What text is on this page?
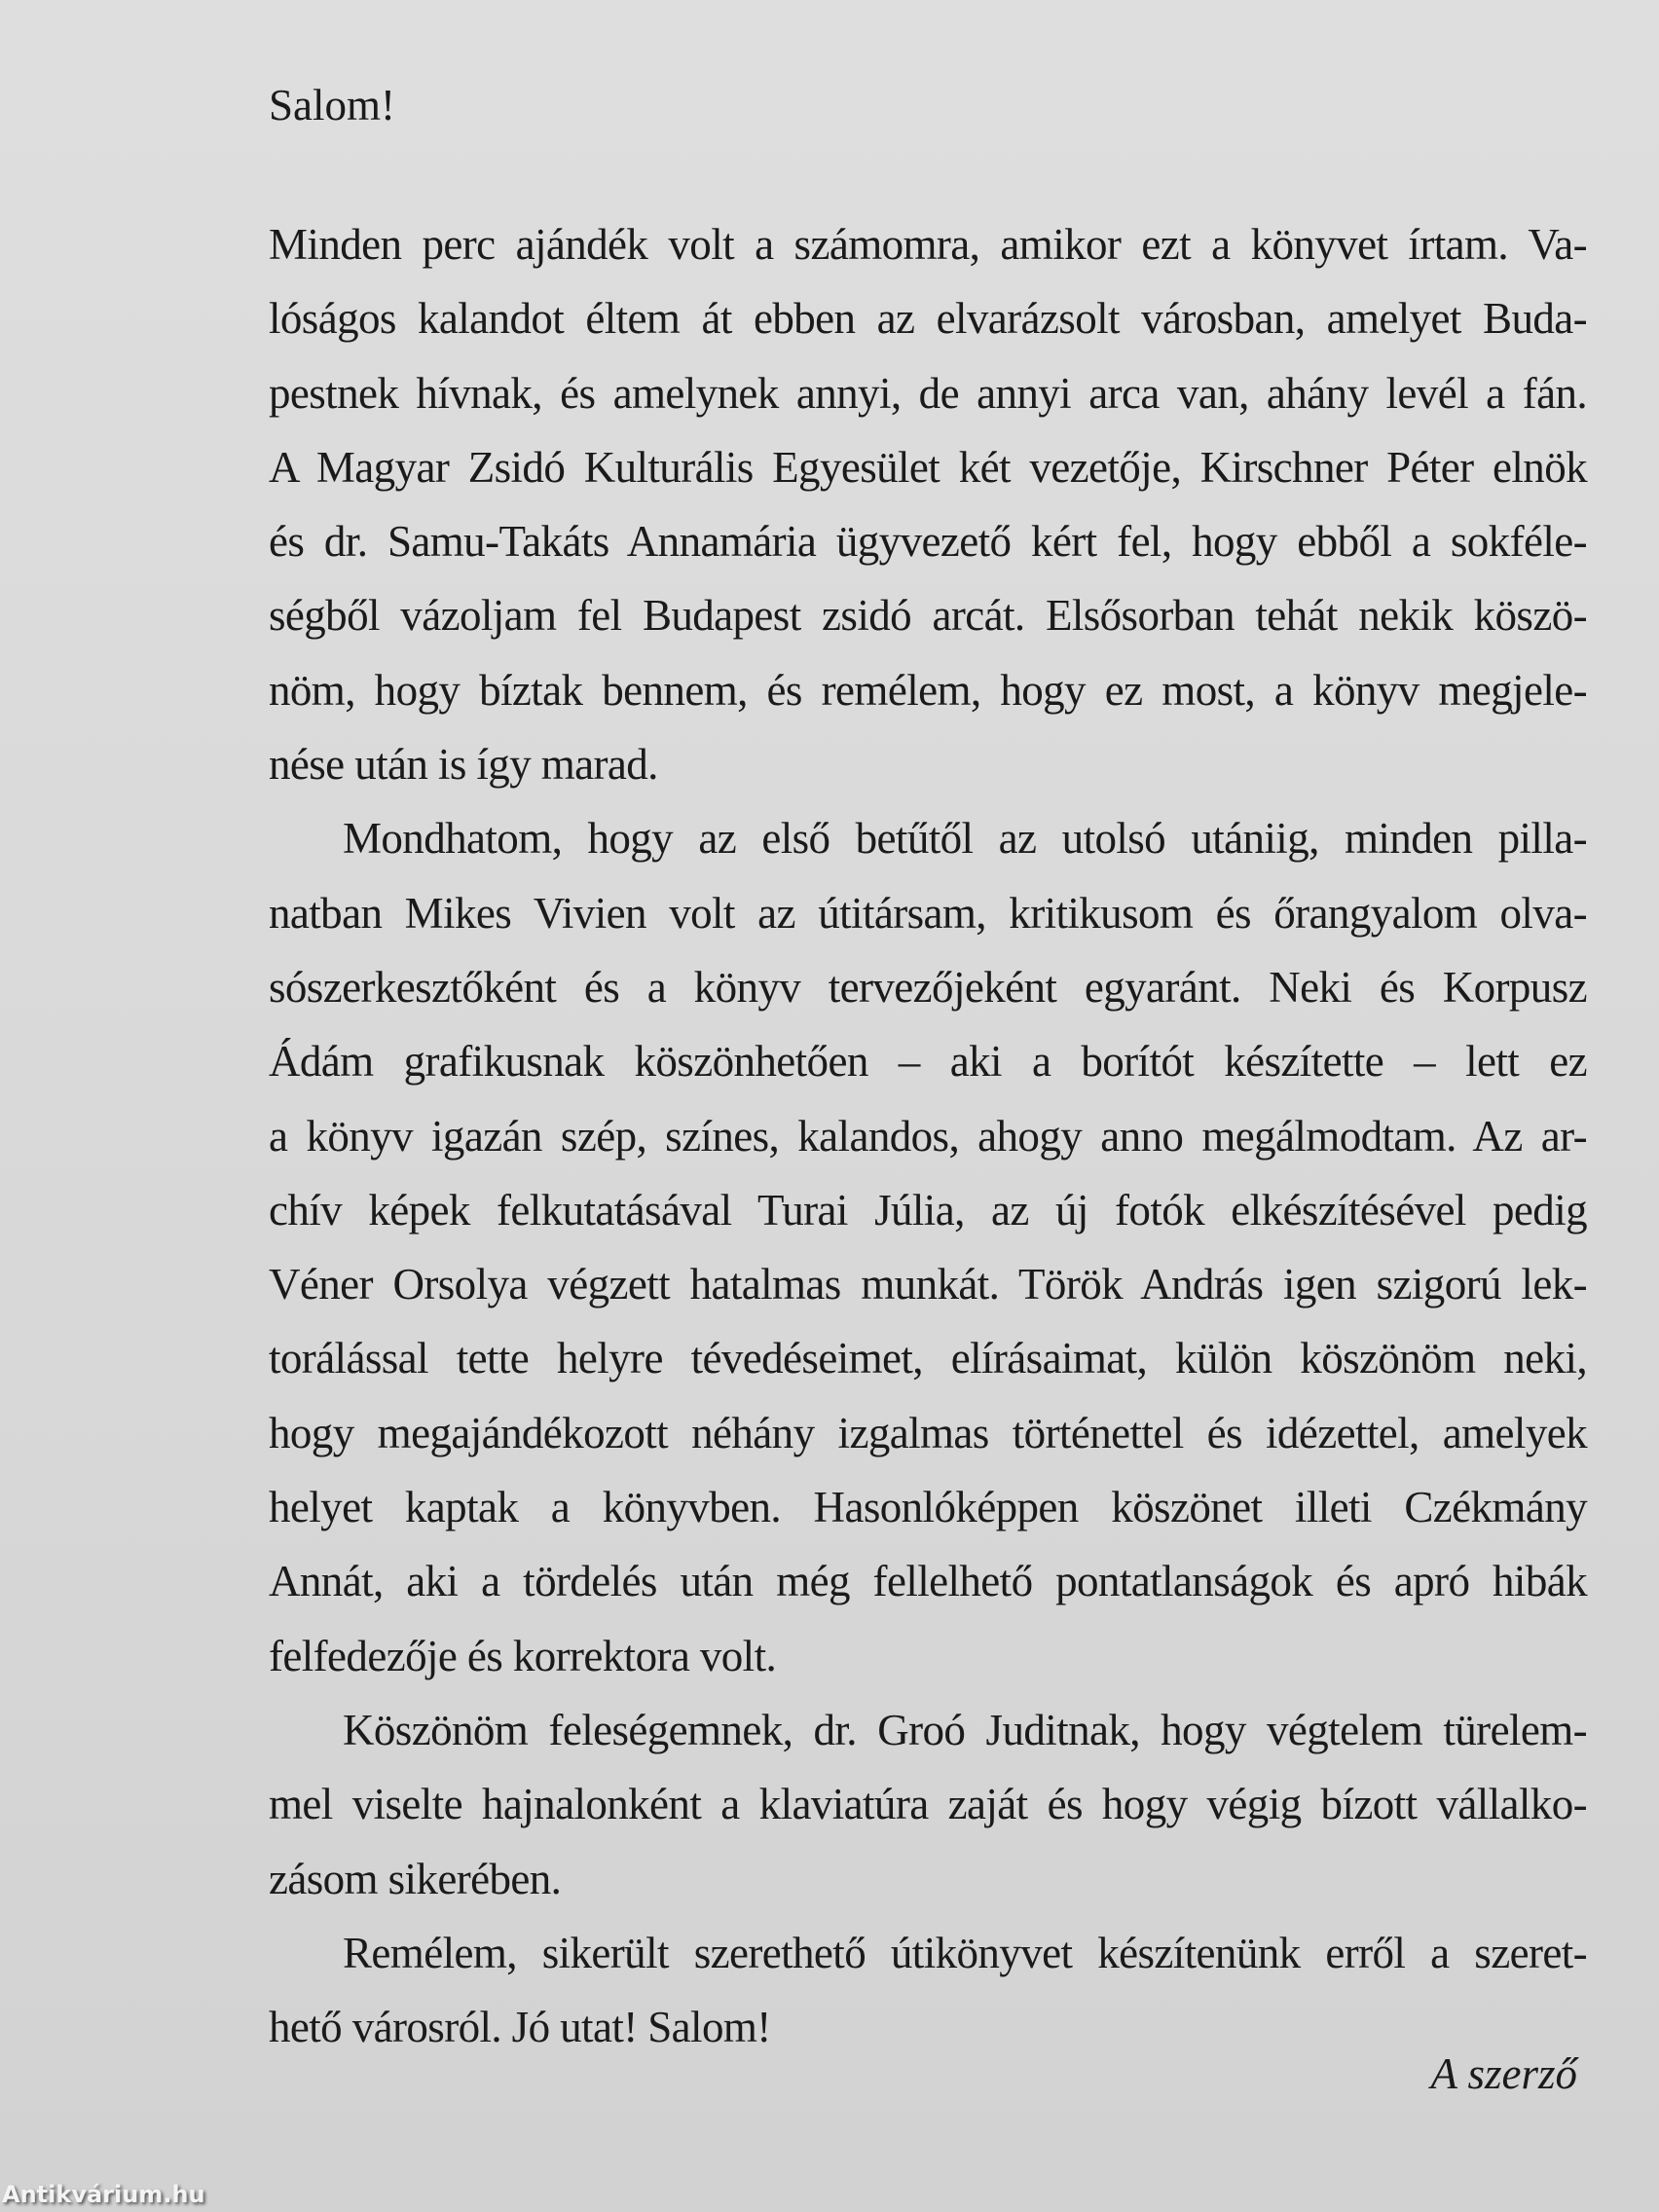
Salom!
Minden perc ajándék volt a számomra, amikor ezt a könyvet írtam. Va-
lóságos kalandot éltem át ebben az elvarázsolt városban, amelyet Buda-
pestnek hívnak, és amelynek annyi, de annyi arca van, ahány levél a fán.
A Magyar Zsidó Kulturális Egyesület két vezetője, Kirschner Péter elnök
és dr. Samu-Takáts Annamária ügyvezető kért fel, hogy ebből a sokféle-
ségből vázoljam fel Budapest zsidó arcát. Elsősorban tehát nekik köszö-
nöm, hogy bíztak bennem, és remélem, hogy ez most, a könyv megjele-
nése után is így marad.
Mondhatom, hogy az első betűtől az utolsó utániig, minden pilla-
natban Mikes Vivien volt az útitársam, kritikusom és őrangyalom olva-
sószerkesztőként és a könyv tervezőjeként egyaránt. Neki és Korpusz
Ádám grafikusnak köszönhetően – aki a borítót készítette – lett ez
a könyv igazán szép, színes, kalandos, ahogy anno megálmodtam. Az ar-
chív képek felkutatásával Turai Júlia, az új fotók elkészítésével pedig
Véner Orsolya végzett hatalmas munkát. Török András igen szigorú lek-
torálással tette helyre tévedéseimet, elírásaimat, külön köszönöm neki,
hogy megajándékozott néhány izgalmas történettel és idézettel, amelyek
helyet kaptak a könyvben. Hasonlóképpen köszönet illeti Czékmány
Annát, aki a tördelés után még fellelhető pontatlanságok és apró hibák
felfedezője és korrektora volt.
Köszönöm feleségemnek, dr. Groó Juditnak, hogy végtelem türelem-
mel viselte hajnalonként a klaviatúra zaját és hogy végig bízott vállalko-
zásom sikerében.
Remélem, sikerült szerethető útikönyvet készítenünk erről a szeret-
hető városról. Jó utat! Salom!
A szerző
Antikvárium.hu
